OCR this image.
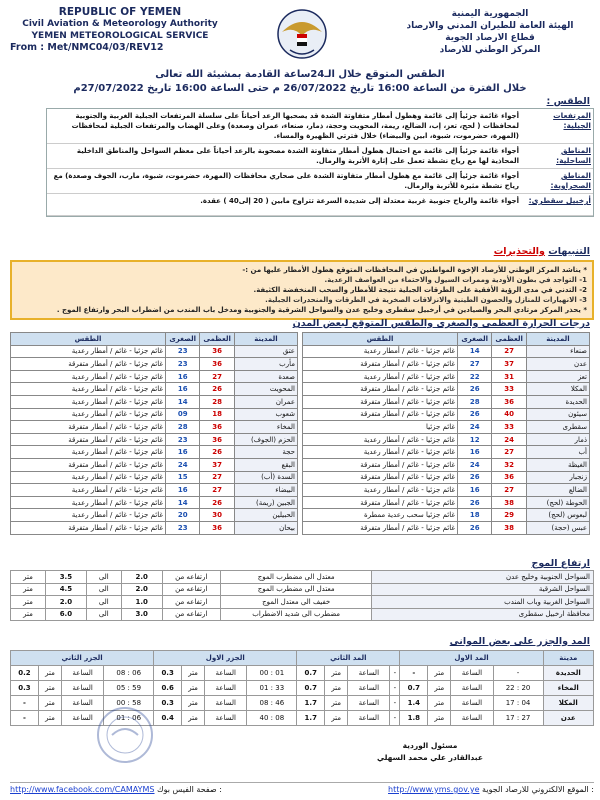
REPUBLIC OF YEMEN
Civil Aviation & Meteorology Authority
YEMEN METEOROLOGICAL SERVICE
From : Met/NMC04/03/REV12
الجمهورية اليمنية
الهيئة العامة للطيران المدني والارصاد
قطاع الارصاد الجوية
المركز الوطني للارصاد
الطقس المتوقع خلال الـ24ساعة القادمة بمشيئة الله تعالى
خلال الفترة من الساعة 16:00 تاريخ 26/07/2022 م حتى الساعة 16:00 تاريخ 27/07/2022م
الطقس :
المرتفعات الجبلية:
أجواء غائمة جزئياً إلى غائمة وهطول أمطار متفاوتة الشدة قد يصحبها الرعد أحياناً على سلسلة المرتفعات الجبلية الغربية والجنوبية لمحافظات ( لحج، تعز، إب، الضالع، ريمة، المحويت وحجة، ذمار، صنعاء، عمران وصعدة) وعلى الهضاب والمرتفعات الجبلية لمحافظات (المهرة، حضرموت، شبوة، ابين والبيضاء) خلال فترتي الظهيرة والمساء.
المناطق الساحلية:
أجواء غائمة جزئياً إلى غائمة مع احتمال هطول أمطار متفاوتة الشدة مصحوبة بالرعد أحياناً على معظم السواحل والمناطق الداخلية المحاذية لها مع رياح نشطة تعمل على إثارة الأتربة والرمال.
المناطق الصحراوية:
أجواء غائمة جزئياً إلى غائمة مع هطول أمطار متفاوتة الشدة على صحاري محافظات (المهرة، حضرموت، شبوة، مارب، الجوف وصعدة) مع رياح نشطة مثيرة للأتربة والرمال.
أرخبيل سقطرى:
أجواء غائمة والرياح جنوبية غربية معتدلة إلى شديدة السرعة تتراوح مابين ( 20 إلى40 ) عقدة.
التنبيهات والتحذيرات
* يناشد المركز الوطني للأرصاد الإخوة المواطنين في المحافظات المتوقع هطول الأمطار عليها من :-
1- التواجد في بطون الأودية وممرات السيول والاحتماء من العواصف الرعدية.
2- التدني في مدى الرؤية الأفقية على الطرقات الجبلية نتيجة للأمطار والسحب المنخفضة الكثيفة.
3- الانهيارات للمنازل والحصون الطينية والانزلاقات الصخرية في الطرقات والمنحدرات الجبلية.
* يحذر المركز مرتادي البحر والصيادين في أرخبيل سقطرى وخليج عدن والسواحل الشرقية والجنوبية ومدخل باب المندب من اضطراب البحر وارتفاع الموج .
درجات الحرارة العظمى والصغرى والطقس المتوقع لبعض المدن
المدينة	العظمى	الصغرى	الطقس
صنعاء	27	14	غائم جزئيا - غائم / أمطار رعدية
عدن	37	27	غائم جزئيا - غائم / أمطار متفرقة
تعز	31	22	غائم جزئيا - غائم / أمطار رعدية
المكلا	33	26	غائم جزئيا - غائم / أمطار متفرقة
الحديدة	36	28	غائم جزئيا - غائم / أمطار متفرقة
سيئون	40	26	غائم جزئيا - غائم / أمطار متفرقة
سقطرى	33	24	غائم جزئيا
ذمار	24	12	غائم جزئيا - غائم / أمطار رعدية
أب	27	16	غائم جزئيا - غائم / أمطار رعدية
الغيظة	32	24	غائم جزئيا - غائم / أمطار متفرقة
زنجبار	36	26	غائم جزئيا - غائم / أمطار متفرقة
الضالع	27	16	غائم جزئيا - غائم / أمطار رعدية
الحوطة (لحج)	38	26	غائم جزئيا - غائم / أمطار متفرقة
لبعوس (لحج)	29	18	غائم جزئيا سحب رعدية ممطرة
عبس (حجة)	38	26	غائم جزئيا - غائم / أمطار متفرقة
المدينة	العظمى	الصغرى	الطقس
عتق	36	23	غائم جزئيا - غائم / أمطار رعدية
مأرب	36	23	غائم جزئيا - غائم / أمطار متفرقة
صعدة	27	16	غائم جزئيا - غائم / أمطار رعدية
المحويت	26	16	غائم جزئيا - غائم / أمطار رعدية
عمران	28	14	غائم جزئيا - غائم / أمطار رعدية
شعوب	18	09	غائم جزئيا - غائم / أمطار رعدية
المخاء	36	28	غائم جزئيا - غائم / أمطار متفرقة
الحزم (الجوف)	36	23	غائم جزئيا - غائم / أمطار متفرقة
حجة	26	16	غائم جزئيا - غائم / أمطار رعدية
البقع	37	24	غائم جزئيا - غائم / أمطار متفرقة
السدة (أب)	27	15	غائم جزئيا - غائم / أمطار رعدية
البيضاء	27	16	غائم جزئيا - غائم / أمطار رعدية
الجبين (ريمة)	26	14	غائم جزئيا - غائم / أمطار رعدية
الحبيلين	30	20	غائم جزئيا - غائم / أمطار رعدية
بيحان	36	23	غائم جزئيا - غائم / أمطار متفرقة
ارتفاع الموج
السواحل الجنوبية وخليج عدن	معتدل الى مضطرب الموج	ارتفاعه من	2.0	الى	3.5	متر
السواحل الشرقية	معتدل الى مضطرب الموج	ارتفاعه من	2.0	الى	4.5	متر
السواحل الغربية وباب المندب	خفيف الى معتدل الموج	ارتفاعه من	1.0	الى	2.0	متر
محافظة ارخبيل سقطرى	مضطرب الى شديد الاضطراب	ارتفاعه من	3.0	الى	6.0	متر
المد والجزر على بعض الموانى
مدينة	المد الاول				المد الثاني				الجزر الاول				الجزر الثاني			
الحديدة	-	الساعة	متر	-	-	الساعة	متر	0.7	01 : 00	الساعة	متر	0.3	06 : 08	الساعة	متر	0.2
المخاء	20 : 22	الساعة	متر	0.7	-	الساعة	متر	0.7	33 : 01	الساعة	متر	0.6	59 : 05	الساعة	متر	0.3
المكلا	04 : 17	الساعة	متر	1.4	-	الساعة	متر	1.7	46 : 08	الساعة	متر	0.3	58 : 00	الساعة	متر	-
عدن	27 : 17	الساعة	متر	1.8	-	الساعة	متر	1.7	08 : 40	الساعة	متر	0.4	06 : 01	الساعة	متر	-
مسئول الوردية
عبدالقادر علي محمد السهلي
http://www.facebook.com/CAMAYMS صفحة الفيس بوك :	http://www.yms.gov.ye الموقع الالكتروني للارصاد الجوية :
